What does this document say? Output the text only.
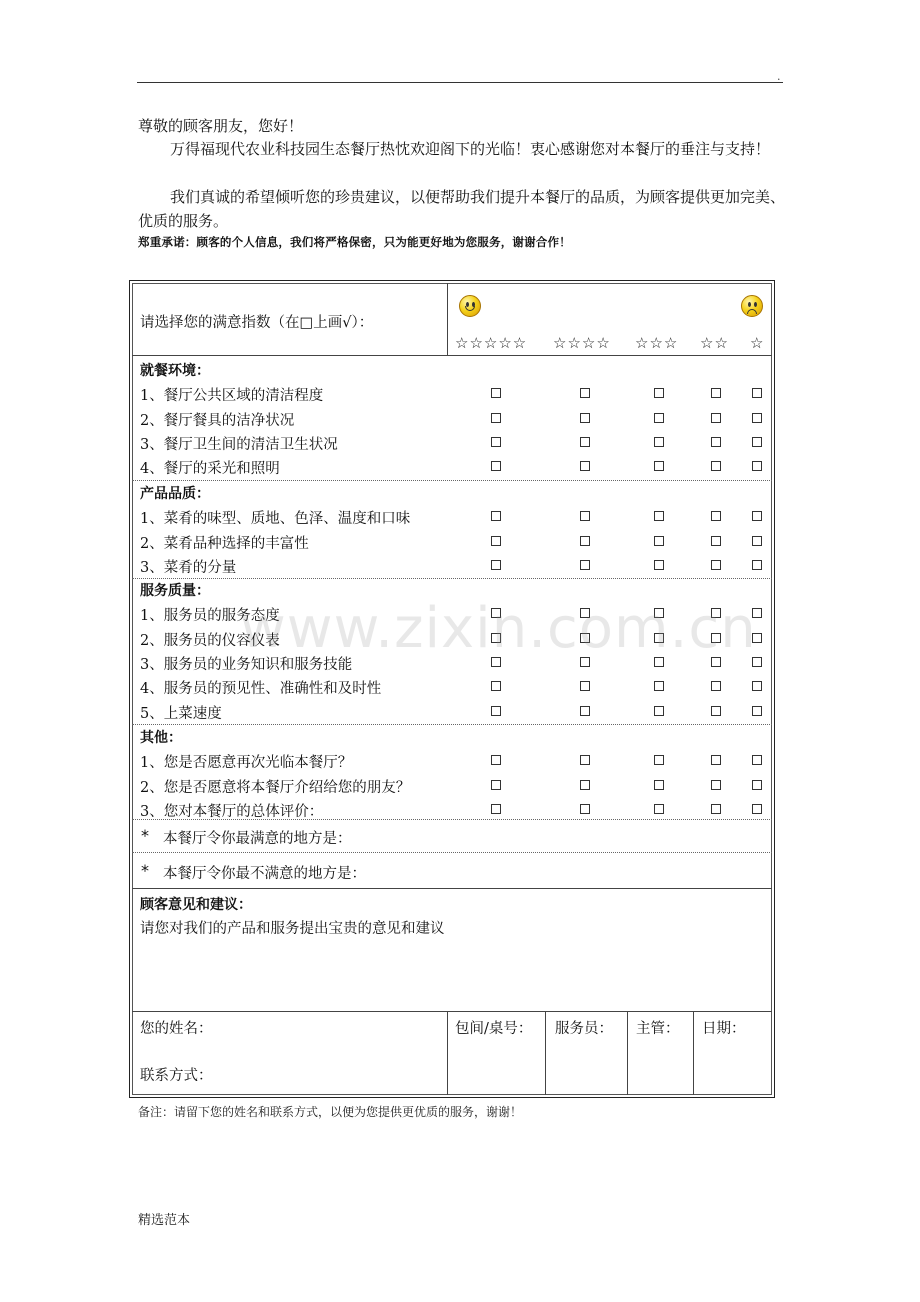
.
尊敬的顾客朋友，您好！
万得福现代农业科技园生态餐厅热忱欢迎阁下的光临！衷心感谢您对本餐厅的垂注与支持！
我们真诚的希望倾听您的珍贵建议，以便帮助我们提升本餐厅的品质，为顾客提供更加完美、优质的服务。
郑重承诺：顾客的个人信息，我们将严格保密，只为能更好地为您服务，谢谢合作！
请选择您的满意指数（在□上画√）：
您的姓名：
联系方式：
包间/桌号： 服务员： 主管： 日期：
顾客意见和建议：
请您对我们的产品和服务提出宝贵的意见和建议
* 本餐厅令你最满意的地方是：
* 本餐厅令你最不满意的地方是：
☆☆☆☆☆ ☆☆☆☆ ☆☆☆ ☆☆ ☆
就餐环境：
1、餐厅公共区域的清洁程度
2、餐厅餐具的洁净状况
3、餐厅卫生间的清洁卫生状况
4、餐厅的采光和照明
产品品质：
1、菜肴的味型、质地、色泽、温度和口味
2、菜肴品种选择的丰富性
3、菜肴的分量
服务质量：
1、服务员的服务态度
2、服务员的仪容仪表
3、服务员的业务知识和服务技能
4、服务员的预见性、准确性和及时性
5、上菜速度
其他：
1、您是否愿意再次光临本餐厅？
2、您是否愿意将本餐厅介绍给您的朋友？
3、您对本餐厅的总体评价：
www.zixin.com.cn
备注：请留下您的姓名和联系方式，以便为您提供更优质的服务，谢谢！
精选范本
